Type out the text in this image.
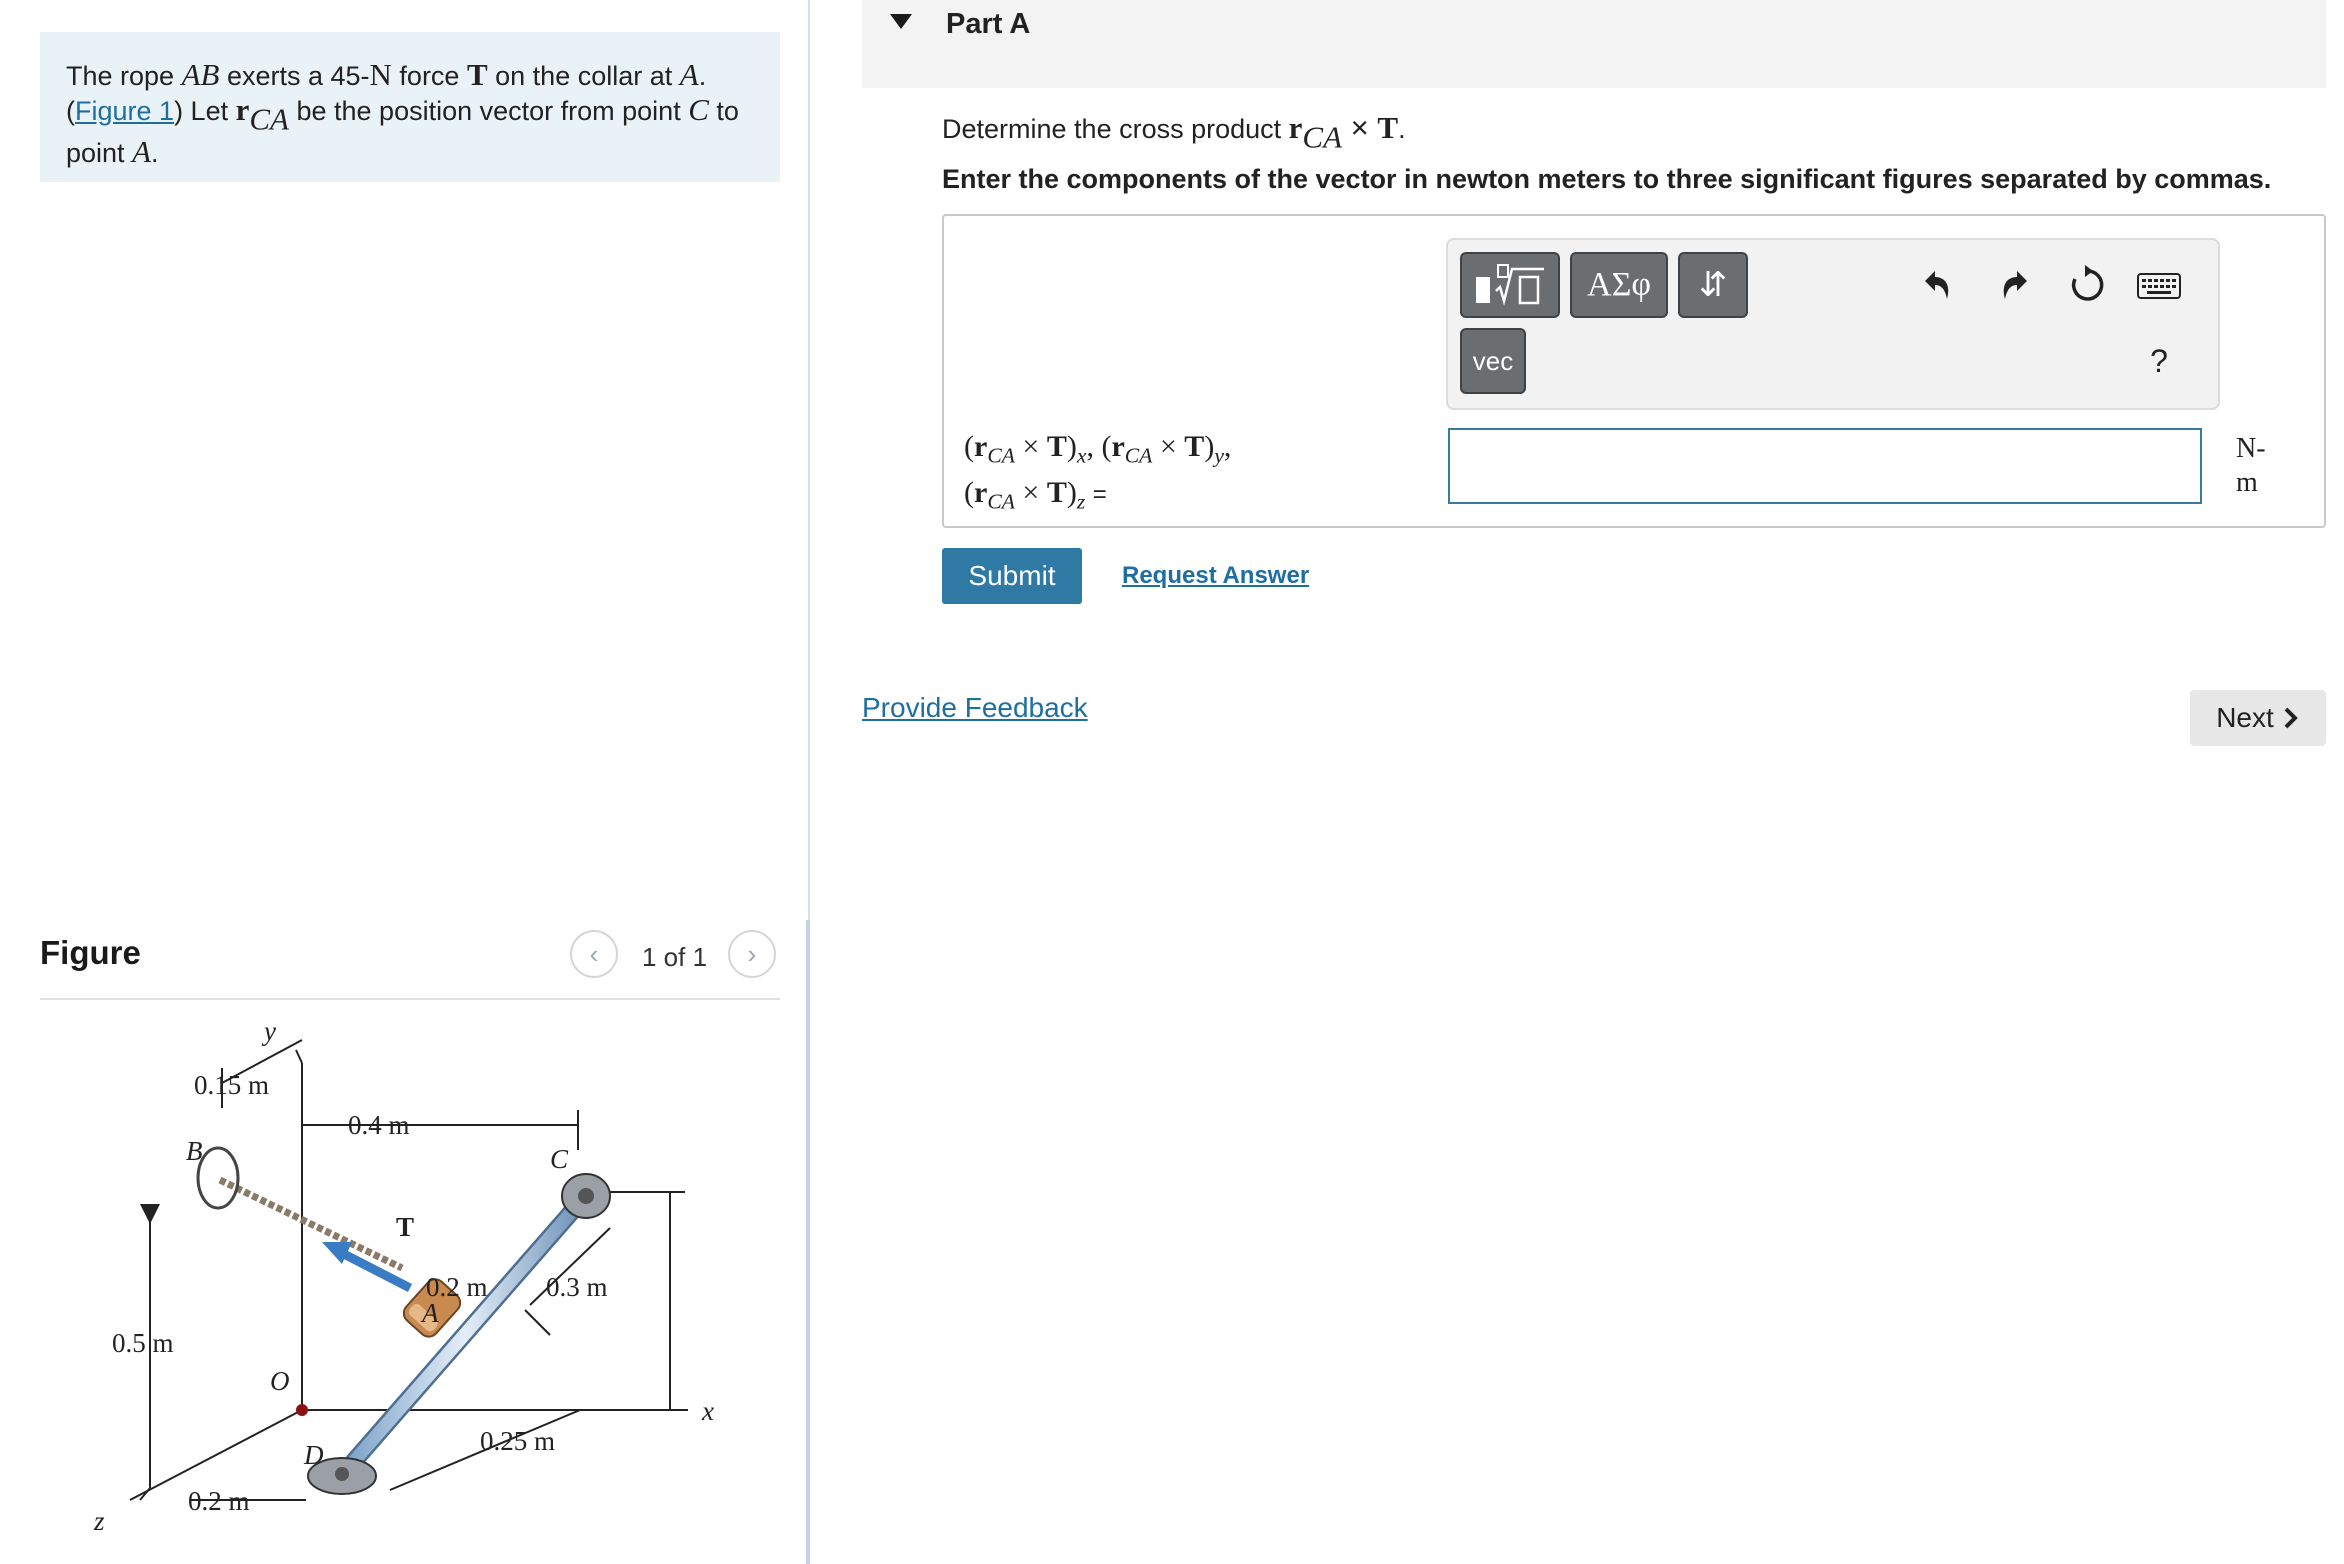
The rope AB exerts a 45-N force T on the collar at A. (Figure 1) Let rCA be the position vector from point C to point A.
Figure	‹ 1 of 1 ›
0.15 m
y
0.4 m
B	C
T
0.2 m 0.3 m
A
0.5 m
O
x
0.25 m
D
0.2 m
z
Part A
Determine the cross product rCA × T.
Enter the components of the vector in newton meters to three significant figures separated by commas.
ΑΣφ	⇵
vec	?
$(r_{CA} \times T)_x$, $(r_{CA} \times T)_y$,
$(r_{CA} \times T)_z$ =
N-
m
Submit	Request Answer
Provide Feedback	Next
